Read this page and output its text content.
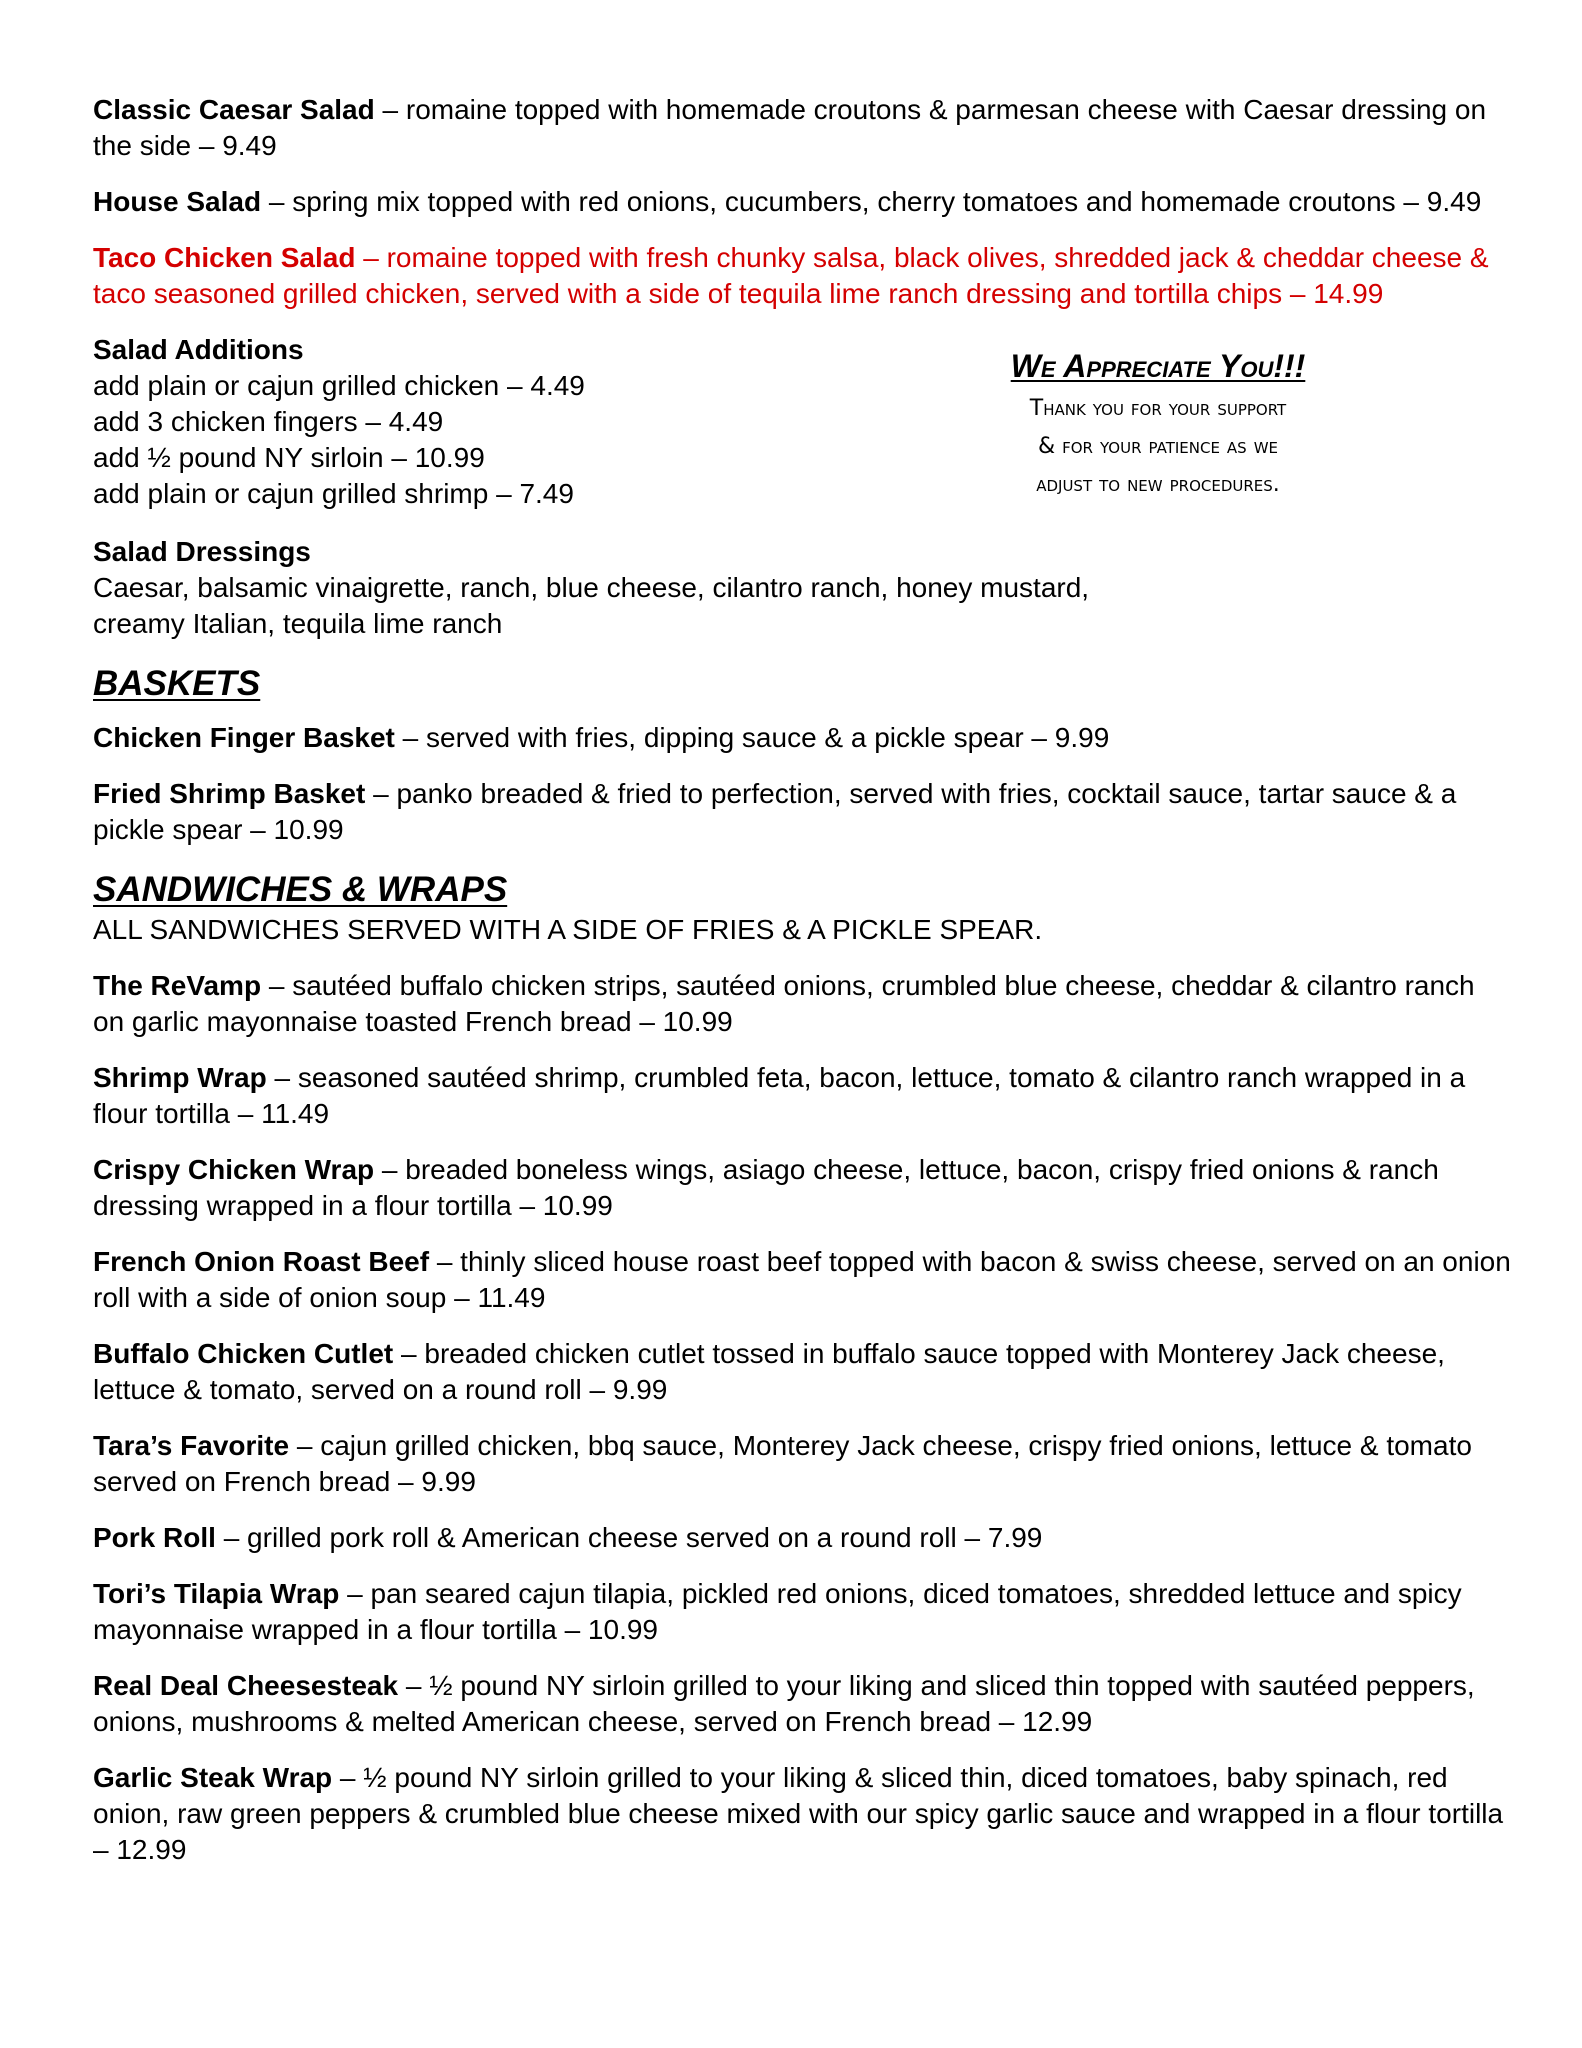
Classic Caesar Salad – romaine topped with homemade croutons & parmesan cheese with Caesar dressing on the side – 9.49
House Salad – spring mix topped with red onions, cucumbers, cherry tomatoes and homemade croutons – 9.49
Taco Chicken Salad – romaine topped with fresh chunky salsa, black olives, shredded jack & cheddar cheese & taco seasoned grilled chicken, served with a side of tequila lime ranch dressing and tortilla chips – 14.99
Salad Additions
add plain or cajun grilled chicken – 4.49
add 3 chicken fingers – 4.49
add ½ pound NY sirloin – 10.99
add plain or cajun grilled shrimp – 7.49
We Appreciate You!!!
Thank you for your support
& for your patience as we
adjust to new procedures.
Salad Dressings
Caesar, balsamic vinaigrette, ranch, blue cheese, cilantro ranch, honey mustard,
creamy Italian, tequila lime ranch
BASKETS
Chicken Finger Basket – served with fries, dipping sauce & a pickle spear – 9.99
Fried Shrimp Basket – panko breaded & fried to perfection, served with fries, cocktail sauce, tartar sauce & a pickle spear – 10.99
SANDWICHES & WRAPS
ALL SANDWICHES SERVED WITH A SIDE OF FRIES & A PICKLE SPEAR.
The ReVamp – sautéed buffalo chicken strips, sautéed onions, crumbled blue cheese, cheddar & cilantro ranch on garlic mayonnaise toasted French bread – 10.99
Shrimp Wrap – seasoned sautéed shrimp, crumbled feta, bacon, lettuce, tomato & cilantro ranch wrapped in a flour tortilla – 11.49
Crispy Chicken Wrap – breaded boneless wings, asiago cheese, lettuce, bacon, crispy fried onions & ranch dressing wrapped in a flour tortilla – 10.99
French Onion Roast Beef – thinly sliced house roast beef topped with bacon & swiss cheese, served on an onion roll with a side of onion soup – 11.49
Buffalo Chicken Cutlet – breaded chicken cutlet tossed in buffalo sauce topped with Monterey Jack cheese, lettuce & tomato, served on a round roll – 9.99
Tara’s Favorite – cajun grilled chicken, bbq sauce, Monterey Jack cheese, crispy fried onions, lettuce & tomato served on French bread – 9.99
Pork Roll – grilled pork roll & American cheese served on a round roll – 7.99
Tori’s Tilapia Wrap – pan seared cajun tilapia, pickled red onions, diced tomatoes, shredded lettuce and spicy mayonnaise wrapped in a flour tortilla – 10.99
Real Deal Cheesesteak – ½ pound NY sirloin grilled to your liking and sliced thin topped with sautéed peppers, onions, mushrooms & melted American cheese, served on French bread – 12.99
Garlic Steak Wrap – ½ pound NY sirloin grilled to your liking & sliced thin, diced tomatoes, baby spinach, red onion, raw green peppers & crumbled blue cheese mixed with our spicy garlic sauce and wrapped in a flour tortilla – 12.99
